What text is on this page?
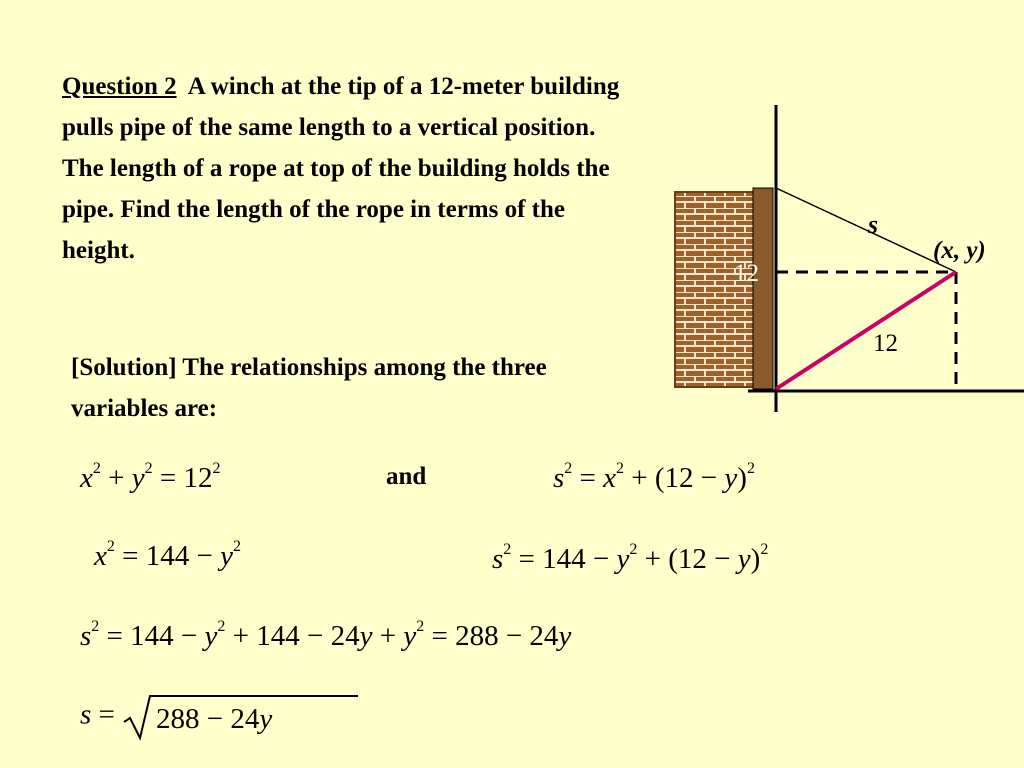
Question 2 A winch at the tip of a 12-meter building pulls pipe of the same length to a vertical position. The length of a rope at top of the building holds the pipe. Find the length of the rope in terms of the height.
[Solution] The relationships among the three variables are:
12
12
s
(x, y)
$x^2 + y^2 = 12^2$	and	$s^2 = x^2 + (12 - y)^2$
$x^2 = 144 - y^2$	$s^2 = 144 - y^2 + (12 - y)^2$
$s^2 = 144 - y^2 + 144 - 24y + y^2 = 288 - 24y$
s = 288 − 24y
